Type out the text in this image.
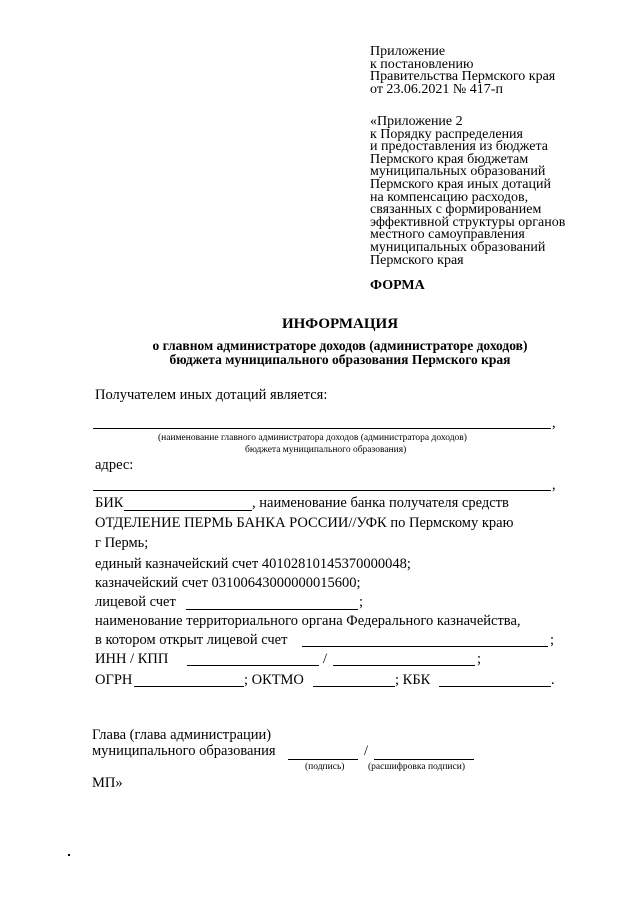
Приложение
к постановлению
Правительства Пермского края
от 23.06.2021 № 417-п
«Приложение 2
к Порядку распределения
и предоставления из бюджета
Пермского края бюджетам
муниципальных образований
Пермского края иных дотаций
на компенсацию расходов,
связанных с формированием
эффективной структуры органов
местного самоуправления
муниципальных образований
Пермского края
ФОРМА
ИНФОРМАЦИЯ
о главном администраторе доходов (администраторе доходов)
бюджета муниципального образования Пермского края
Получателем иных дотаций является:
,
(наименование главного администратора доходов (администратора доходов)
бюджета муниципального образования)
адрес:
,
БИК	, наименование банка получателя средств
ОТДЕЛЕНИЕ ПЕРМЬ БАНКА РОССИИ//УФК по Пермскому краю
г Пермь;
единый казначейский счет 40102810145370000048;
казначейский счет 03100643000000015600;
лицевой счет	;
наименование территориального органа Федерального казначейства,
в котором открыт лицевой счет	;
ИНН / КПП	/	;
ОГРН	; ОКТМО	; КБК	.
Глава (глава администрации)
муниципального образования	/
(подпись) (расшифровка подписи)
МП»
